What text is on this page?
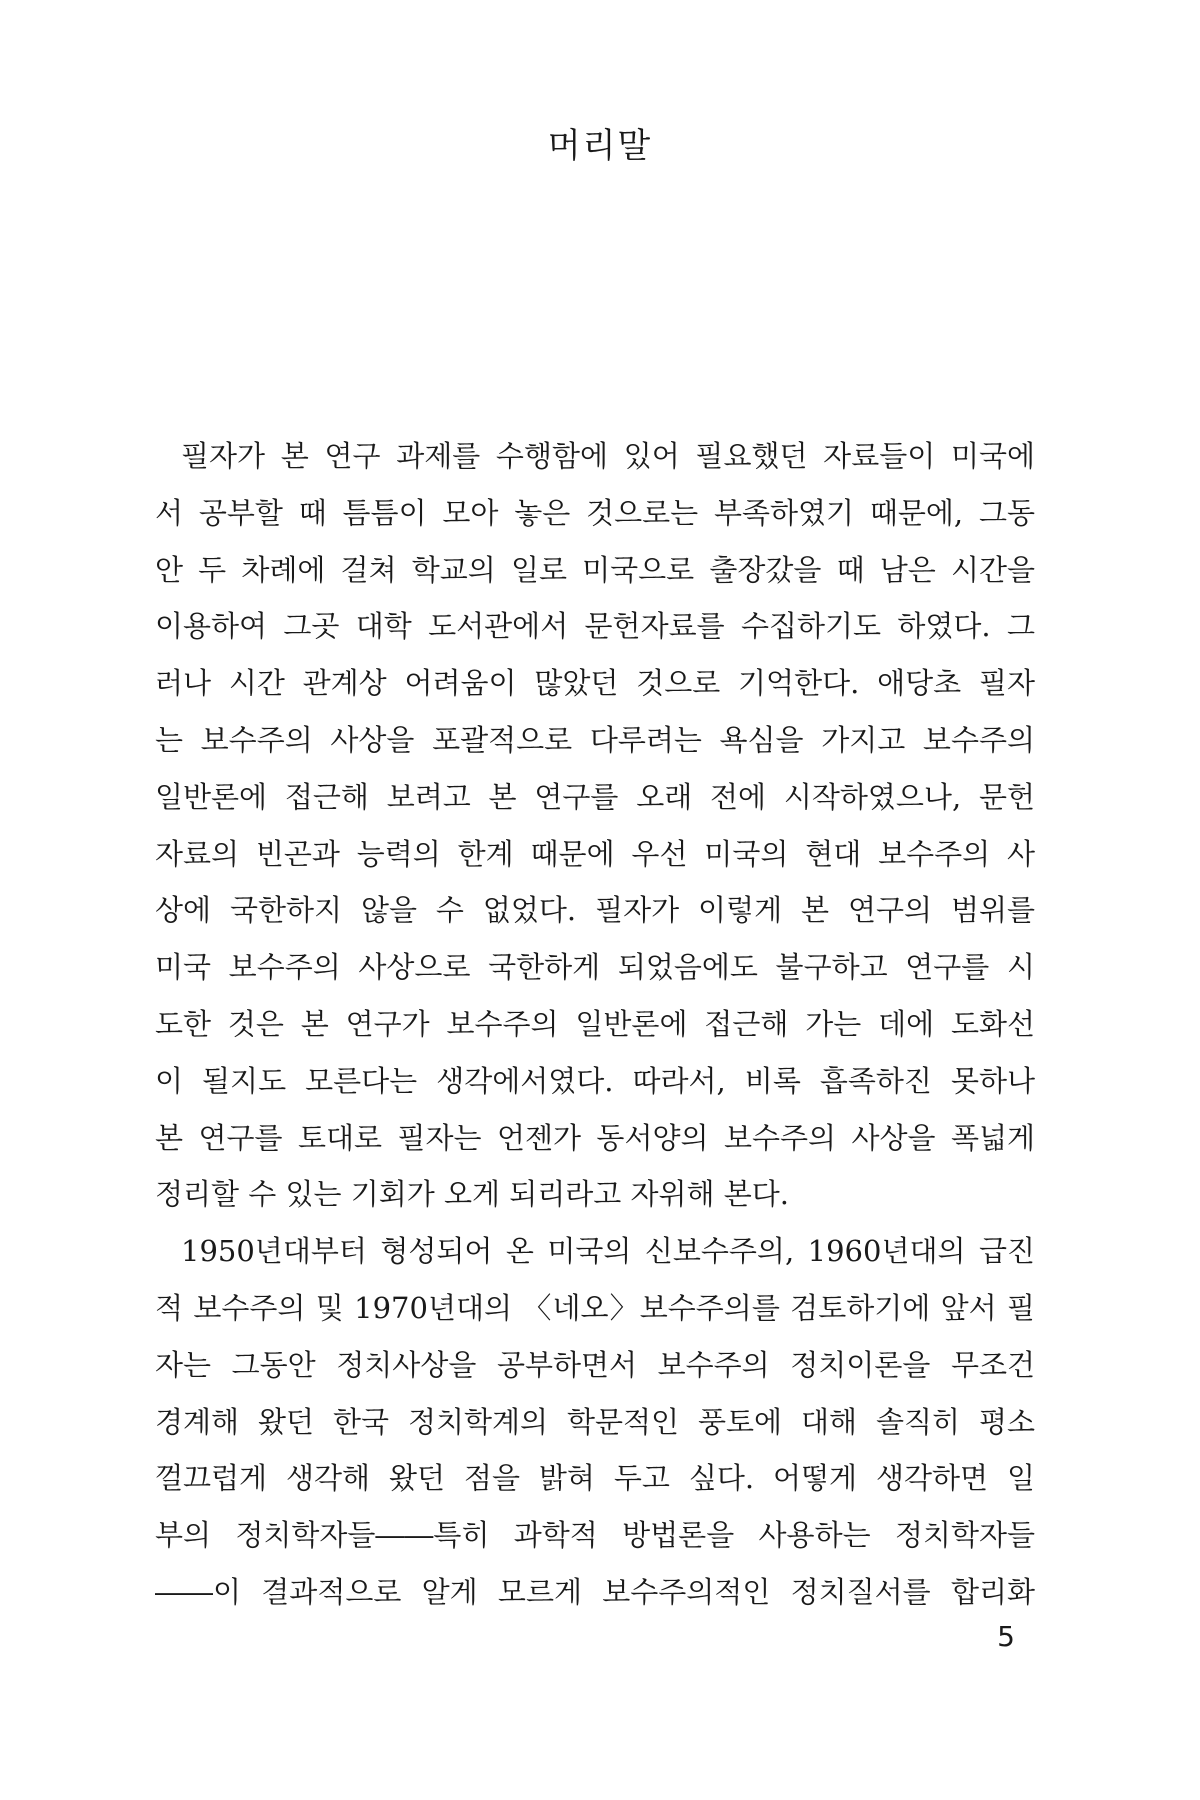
머리말
필자가 본 연구 과제를 수행함에 있어 필요했던 자료들이 미국에
서 공부할 때 틈틈이 모아 놓은 것으로는 부족하였기 때문에, 그동
안 두 차례에 걸쳐 학교의 일로 미국으로 출장갔을 때 남은 시간을
이용하여 그곳 대학 도서관에서 문헌자료를 수집하기도 하였다. 그
러나 시간 관계상 어려움이 많았던 것으로 기억한다. 애당초 필자
는 보수주의 사상을 포괄적으로 다루려는 욕심을 가지고 보수주의
일반론에 접근해 보려고 본 연구를 오래 전에 시작하였으나, 문헌
자료의 빈곤과 능력의 한계 때문에 우선 미국의 현대 보수주의 사
상에 국한하지 않을 수 없었다. 필자가 이렇게 본 연구의 범위를
미국 보수주의 사상으로 국한하게 되었음에도 불구하고 연구를 시
도한 것은 본 연구가 보수주의 일반론에 접근해 가는 데에 도화선
이 될지도 모른다는 생각에서였다. 따라서, 비록 흡족하진 못하나
본 연구를 토대로 필자는 언젠가 동서양의 보수주의 사상을 폭넓게
정리할 수 있는 기회가 오게 되리라고 자위해 본다.
1950년대부터 형성되어 온 미국의 신보수주의, 1960년대의 급진
적 보수주의 및 1970년대의 〈네오〉보수주의를 검토하기에 앞서 필
자는 그동안 정치사상을 공부하면서 보수주의 정치이론을 무조건
경계해 왔던 한국 정치학계의 학문적인 풍토에 대해 솔직히 평소
껄끄럽게 생각해 왔던 점을 밝혀 두고 싶다. 어떻게 생각하면 일
부의 정치학자들――특히 과학적 방법론을 사용하는 정치학자들
――이 결과적으로 알게 모르게 보수주의적인 정치질서를 합리화
5
